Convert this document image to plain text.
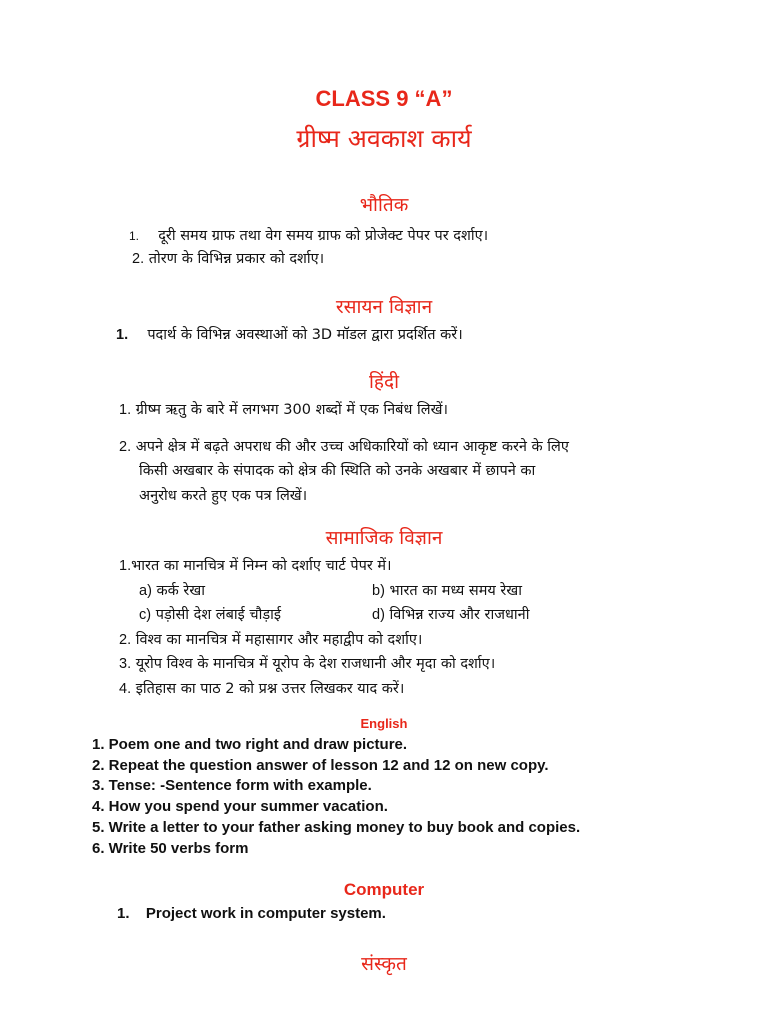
CLASS 9 “A”
ग्रीष्म अवकाश कार्य
भौतिक
1. दूरी समय ग्राफ तथा वेग समय ग्राफ को प्रोजेक्ट पेपर पर दर्शाए।
2. तोरण के विभिन्न प्रकार को दर्शाए।
रसायन विज्ञान
1. पदार्थ के विभिन्न अवस्थाओं को 3D मॉडल द्वारा प्रदर्शित करें।
हिंदी
1. ग्रीष्म ऋतु के बारे में लगभग 300 शब्दों में एक निबंध लिखें।
2. अपने क्षेत्र में बढ़ते अपराध की और उच्च अधिकारियों को ध्यान आकृष्ट करने के लिए
किसी अखबार के संपादक को क्षेत्र की स्थिति को उनके अखबार में छापने का
अनुरोध करते हुए एक पत्र लिखें।
सामाजिक विज्ञान
1.भारत का मानचित्र में निम्न को दर्शाए चार्ट पेपर में।
a) कर्क रेखा	b) भारत का मध्य समय रेखा
c) पड़ोसी देश लंबाई चौड़ाई	d) विभिन्न राज्य और राजधानी
2. विश्व का मानचित्र में महासागर और महाद्वीप को दर्शाए।
3. यूरोप विश्व के मानचित्र में यूरोप के देश राजधानी और मृदा को दर्शाए।
4. इतिहास का पाठ 2 को प्रश्न उत्तर लिखकर याद करें।
English
1. Poem one and two right and draw picture.
2. Repeat the question answer of lesson 12 and 12 on new copy.
3. Tense: -Sentence form with example.
4. How you spend your summer vacation.
5. Write a letter to your father asking money to buy book and copies.
6. Write 50 verbs form
Computer
1. Project work in computer system.
संस्कृत
